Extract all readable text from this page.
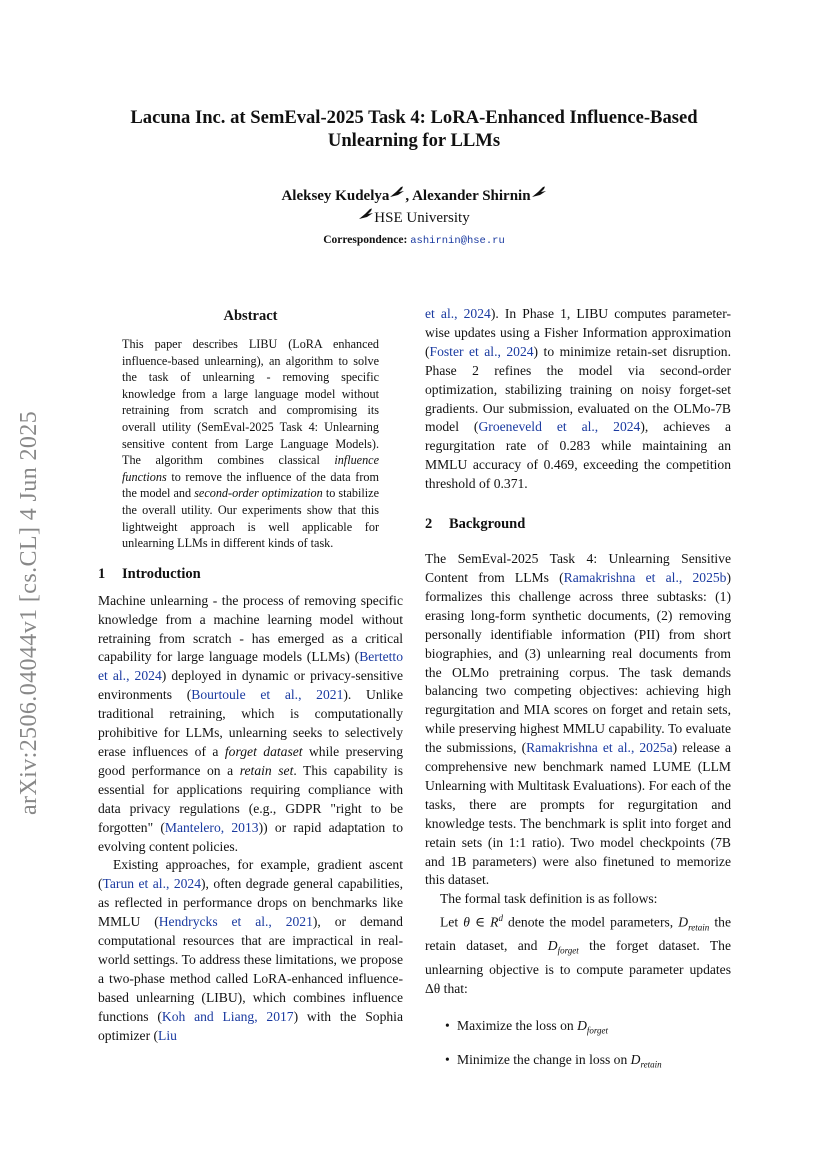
Lacuna Inc. at SemEval-2025 Task 4: LoRA-Enhanced Influence-Based Unlearning for LLMs
Aleksey Kudelya , Alexander Shirnin
HSE University
Correspondence: ashirnin@hse.ru
arXiv:2506.04044v1 [cs.CL] 4 Jun 2025
Abstract
This paper describes LIBU (LoRA enhanced influence-based unlearning), an algorithm to solve the task of unlearning - removing specific knowledge from a large language model without retraining from scratch and compromising its overall utility (SemEval-2025 Task 4: Unlearning sensitive content from Large Language Models). The algorithm combines classical influence functions to remove the influence of the data from the model and second-order optimization to stabilize the overall utility. Our experiments show that this lightweight approach is well applicable for unlearning LLMs in different kinds of task.
1 Introduction

Machine unlearning - the process of removing specific knowledge from a machine learning model without retraining from scratch - has emerged as a critical capability for large language models (LLMs) (Bertetto et al., 2024) deployed in dynamic or privacy-sensitive environments (Bourtoule et al., 2021). Unlike traditional retraining, which is computationally prohibitive for LLMs, unlearning seeks to selectively erase influences of a forget dataset while preserving good performance on a retain set. This capability is essential for applications requiring compliance with data privacy regulations (e.g., GDPR "right to be forgotten" (Mantelero, 2013)) or rapid adaptation to evolving content policies.

Existing approaches, for example, gradient ascent (Tarun et al., 2024), often degrade general capabilities, as reflected in performance drops on benchmarks like MMLU (Hendrycks et al., 2021), or demand computational resources that are impractical in real-world settings. To address these limitations, we propose a two-phase method called LoRA-enhanced influence-based unlearning (LIBU), which combines influence functions (Koh and Liang, 2017) with the Sophia optimizer (Liu

et al., 2024). In Phase 1, LIBU computes parameter-wise updates using a Fisher Information approximation (Foster et al., 2024) to minimize retain-set disruption. Phase 2 refines the model via second-order optimization, stabilizing training on noisy forget-set gradients. Our submission, evaluated on the OLMo-7B model (Groeneveld et al., 2024), achieves a regurgitation rate of 0.283 while maintaining an MMLU accuracy of 0.469, exceeding the competition threshold of 0.371.

2 Background

The SemEval-2025 Task 4: Unlearning Sensitive Content from LLMs (Ramakrishna et al., 2025b) formalizes this challenge across three subtasks: (1) erasing long-form synthetic documents, (2) removing personally identifiable information (PII) from short biographies, and (3) unlearning real documents from the OLMo pretraining corpus. The task demands balancing two competing objectives: achieving high regurgitation and MIA scores on forget and retain sets, while preserving highest MMLU capability. To evaluate the submissions, (Ramakrishna et al., 2025a) release a comprehensive new benchmark named LUME (LLM Unlearning with Multitask Evaluations). For each of the tasks, there are prompts for regurgitation and knowledge tests. The benchmark is split into forget and retain sets (in 1:1 ratio). Two model checkpoints (7B and 1B parameters) were also finetuned to memorize this dataset.

The formal task definition is as follows:

Let θ ∈ $R^d$ denote the model parameters, $D_{retain}$ the retain dataset, and $D_{forget}$ the forget dataset. The unlearning objective is to compute parameter updates Δθ that:

• Maximize the loss on $D_{forget}$

• Minimize the change in loss on $D_{retain}$
